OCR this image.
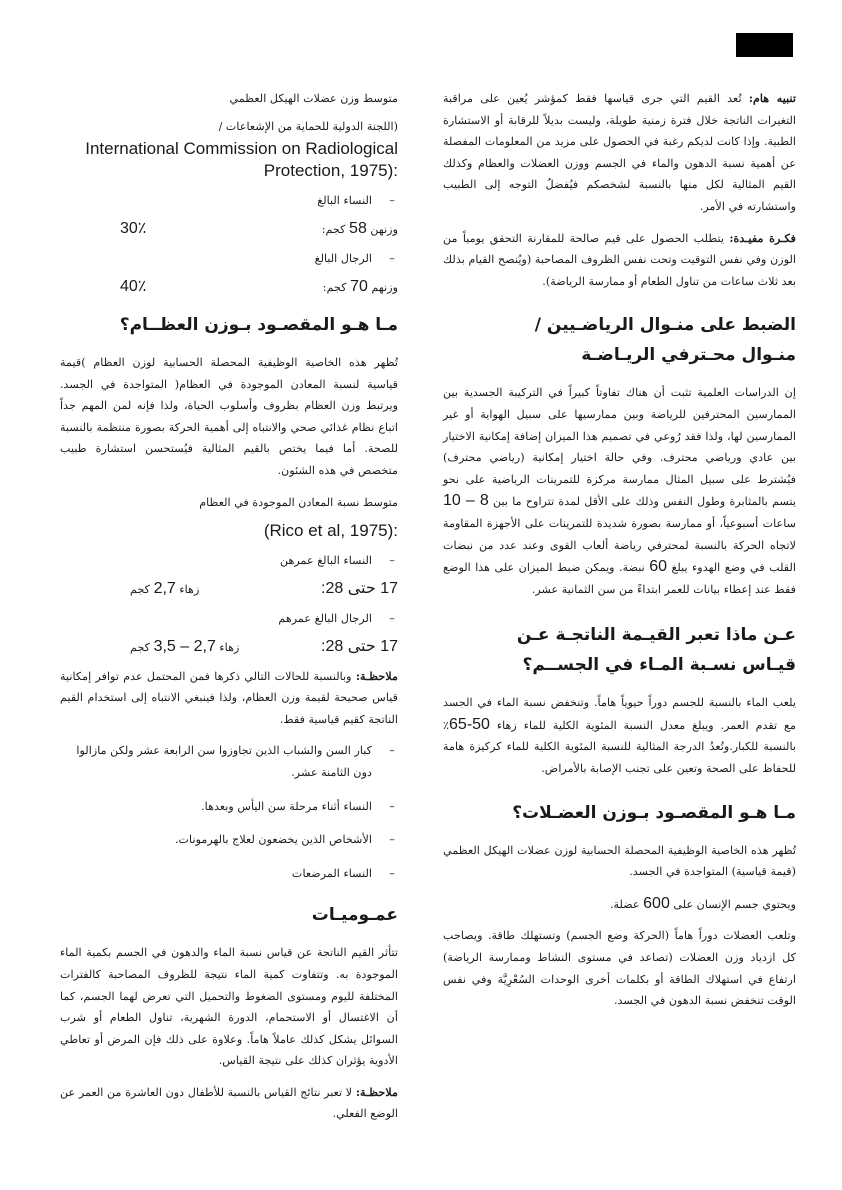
تنبيه هام: تُعد القيم التي جرى قياسها فقط كمؤشر يُعين على مراقبة التغيرات الناتجة خلال فترة زمنية طويلة، وليست بديلاً للرقابة أو الاستشارة الطبية. وإذا كانت لديكم رغبة في الحصول على مزيد من المعلومات المفصلة عن أهمية نسبة الدهون والماء في الجسم ووزن العضلات والعظام وكذلك القيم المثالية لكل منها بالنسبة لشخصكم فيُفضلُ التوجه إلى الطبيب واستشارته في الأمر.

فكـرة مفيـدة: يتطلب الحصول على قيم صالحة للمقارنة التحقق يومياً من الوزن وفي نفس التوقيت وتحت نفس الظروف المصاحبة (ويُنصح القيام بذلك بعد ثلاث ساعات من تناول الطعام أو ممارسة الرياضة).

الضبط على منـوال الرياضـيين /
منـوال محـترفي الريـاضـة

إن الدراسات العلمية تثبت أن هناك تفاوتاً كبيراً في التركيبة الجسدية بين الممارسين المحترفين للرياضة وبين ممارسيها على سبيل الهواية أو غير الممارسين لها، ولذا فقد رُوعي في تصميم هذا الميزان إضافة إمكانية الاختيار بين عادي ورياضي محترف. وفي حالة اختيار إمكانية (رياضي محترف) فيُشترط على سبيل المثال ممارسة مركزة للتمرينات الرياضية على نحو يتسم بالمثابرة وطول النفس وذلك على الأقل لمدة تتراوح ما بين 8 – 10 ساعات أسبوعياً، أو ممارسة بصورة شديدة للتمرينات على الأجهزة المقاومة لاتجاه الحركة بالنسبة لمحترفي رياضة ألعاب القوى وعند عدد من نبضات القلب في وضع الهدوء يبلغ 60 نبضة. ويمكن ضبط الميزان على هذا الوضع فقط عند إعطاء بيانات للعمر ابتداءً من سن الثمانية عشر.

عـن ماذا تعبر القيـمة الناتجـة عـن
قيـاس نسـبة المـاء في الجســم؟

يلعب الماء بالنسبة للجسم دوراً حيوياً هاماً. وتنخفض نسبة الماء في الجسد مع تقدم العمر. ويبلغ معدل النسبة المئوية الكلية للماء زهاء 50-65٪ بالنسبة للكبار.وتُعدُ الدرجة المثالية للنسبة المئوية الكلية للماء كركيزة هامة للحفاظ على الصحة وتعين على تجنب الإصابة بالأمراض.

مـا هـو المقصـود بـوزن العضـلات؟

تُظهر هذه الخاصية الوظيفية المحصلة الحسابية لوزن عضلات الهيكل العظمي (قيمة قياسية) المتواجدة في الجسد.

ويحتوي جسم الإنسان على 600 عضلة.

وتلعب العضلات دوراً هاماً (الحركة وضع الجسم) وتستهلك طاقة. ويصاحب كل ازدياد وزن العضلات (تصاعد في مستوى النشاط وممارسة الرياضة) ارتفاع في استهلاك الطاقة أو بكلمات أخرى الوحدات السُعْرِيَّة وفي نفس الوقت تنخفض نسبة الدهون في الجسد.

متوسط وزن عضلات الهيكل العظمي
(اللجنة الدولية للحماية من الإشعاعات /
International Commission on Radiological
Protection, 1975):
–
النساء البالغ
وزنهن 58 كجم:
30٪
–
الرجال البالغ
وزنهم 70 كجم:
40٪
مـا هـو المقصـود بـوزن العظــام؟

تُظهر هذه الخاصية الوظيفية المحصلة الحسابية لوزن العظام )قيمة قياسية لنسبة المعادن الموجودة في العظام( المتواجدة في الجسد. ويرتبط وزن العظام بظروف وأسلوب الحياة، ولذا فإنه لمن المهم جداً اتباع نظام غذائي صحي والانتباه إلى أهمية الحركة بصورة منتظمة بالنسبة للصحة. أما فيما يختص بالقيم المثالية فيُستحسن استشارة طبيب متخصص في هذه الشئون.

متوسط نسبة المعادن الموجودة في العظام
(Rico et al, 1975):
–
النساء البالغ عمرهن
17 حتى 28:
زهاء 2,7 كجم
–
الرجال البالغ عمرهم
17 حتى 28:
زهاء 2,7 – 3,5 كجم

ملاحظـة: وبالنسبة للحالات التالي ذكرها فمن المحتمل عدم توافر إمكانية قياس صحيحة لقيمة وزن العظام، ولذا فينبغي الانتباه إلى استخدام القيم الناتجة كقيم قياسية فقط.

–
كبار السن والشباب الذين تجاوزوا سن الرابعة عشر ولكن مازالوا دون الثامنة عشر.
–
النساء أثناء مرحلة سن اليأس وبعدها.
–
الأشخاص الذين يخضعون لعلاج بالهرمونات.
–
النساء المرضعات
عمـوميـات

تتأثر القيم الناتجة عن قياس نسبة الماء والدهون في الجسم بكمية الماء الموجودة به. وتتفاوت كمية الماء نتيجة للظروف المصاحبة كالفترات المختلفة لليوم ومستوى الضغوط والتحميل التي تعرض لهما الجسم، كما أن الاغتسال أو الاستحمام، الدورة الشهرية، تناول الطعام أو شرب السوائل يشكل كذلك عاملاً هاماً. وعلاوة على ذلك فإن المرض أو تعاطي الأدوية يؤثران كذلك على نتيجة القياس.

ملاحظـة: لا تعبر نتائج القياس بالنسبة للأطفال دون العاشرة من العمر عن الوضع الفعلي.
